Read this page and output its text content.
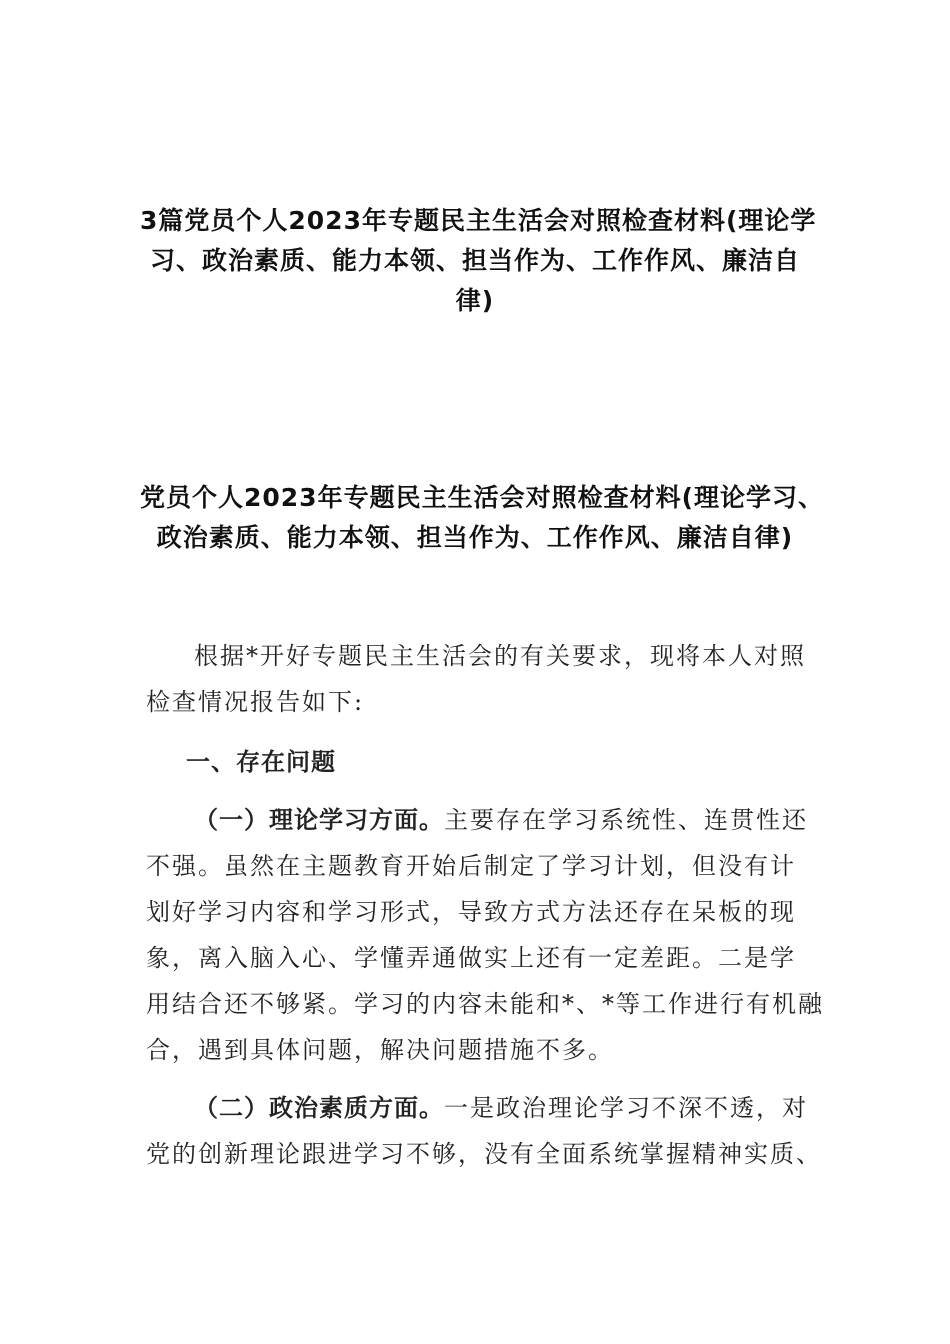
3篇党员个人2023年专题民主生活会对照检查材料(理论学
习、政治素质、能力本领、担当作为、工作作风、廉洁自
律)
党员个人2023年专题民主生活会对照检查材料(理论学习、
政治素质、能力本领、担当作为、工作作风、廉洁自律)
根据*开好专题民主生活会的有关要求，现将本人对照
检查情况报告如下:
一、存在问题
（一）理论学习方面。主要存在学习系统性、连贯性还
不强。虽然在主题教育开始后制定了学习计划，但没有计
划好学习内容和学习形式，导致方式方法还存在呆板的现
象，离入脑入心、学懂弄通做实上还有一定差距。二是学
用结合还不够紧。学习的内容未能和*、*等工作进行有机融
合，遇到具体问题，解决问题措施不多。
（二）政治素质方面。一是政治理论学习不深不透，对
党的创新理论跟进学习不够，没有全面系统掌握精神实质、
